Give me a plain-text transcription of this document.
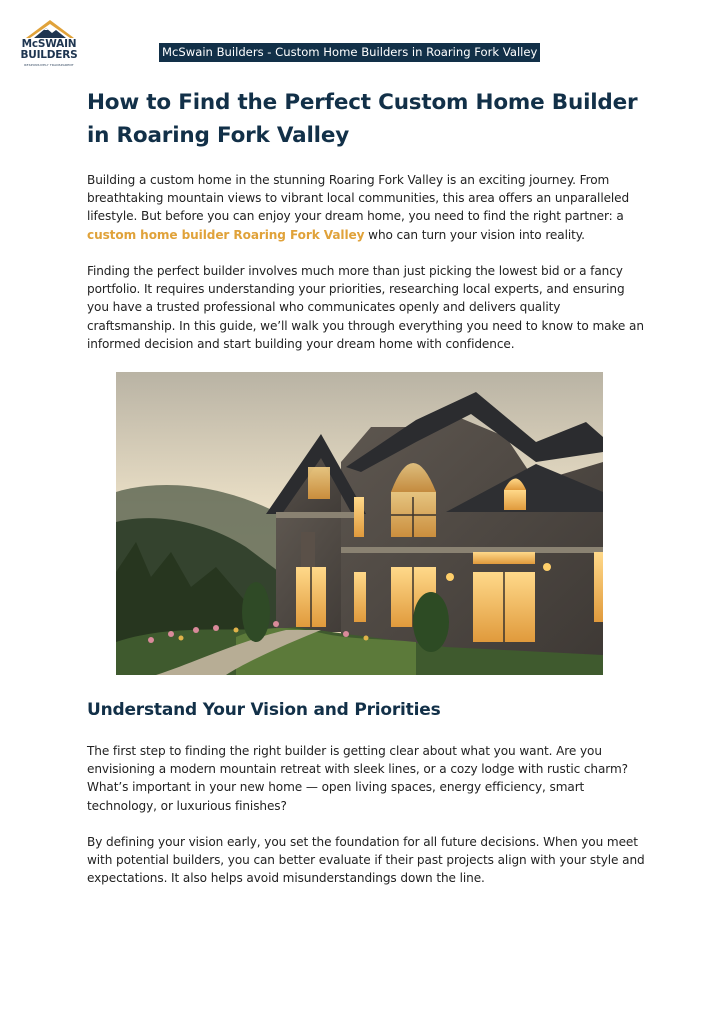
McSWAIN
BUILDERS
RESPONSIVELY TRANSPARENT
McSwain Builders - Custom Home Builders in Roaring Fork Valley
How to Find the Perfect Custom Home Builder in Roaring Fork Valley

Building a custom home in the stunning Roaring Fork Valley is an exciting journey. From breathtaking mountain views to vibrant local communities, this area offers an unparalleled lifestyle. But before you can enjoy your dream home, you need to find the right partner: a custom home builder Roaring Fork Valley who can turn your vision into reality.

Finding the perfect builder involves much more than just picking the lowest bid or a fancy portfolio. It requires understanding your priorities, researching local experts, and ensuring you have a trusted professional who communicates openly and delivers quality craftsmanship. In this guide, we’ll walk you through everything you need to know to make an informed decision and start building your dream home with confidence.

Understand Your Vision and Priorities

The first step to finding the right builder is getting clear about what you want. Are you envisioning a modern mountain retreat with sleek lines, or a cozy lodge with rustic charm? What’s important in your new home — open living spaces, energy efficiency, smart technology, or luxurious finishes?

By defining your vision early, you set the foundation for all future decisions. When you meet with potential builders, you can better evaluate if their past projects align with your style and expectations. It also helps avoid misunderstandings down the line.
